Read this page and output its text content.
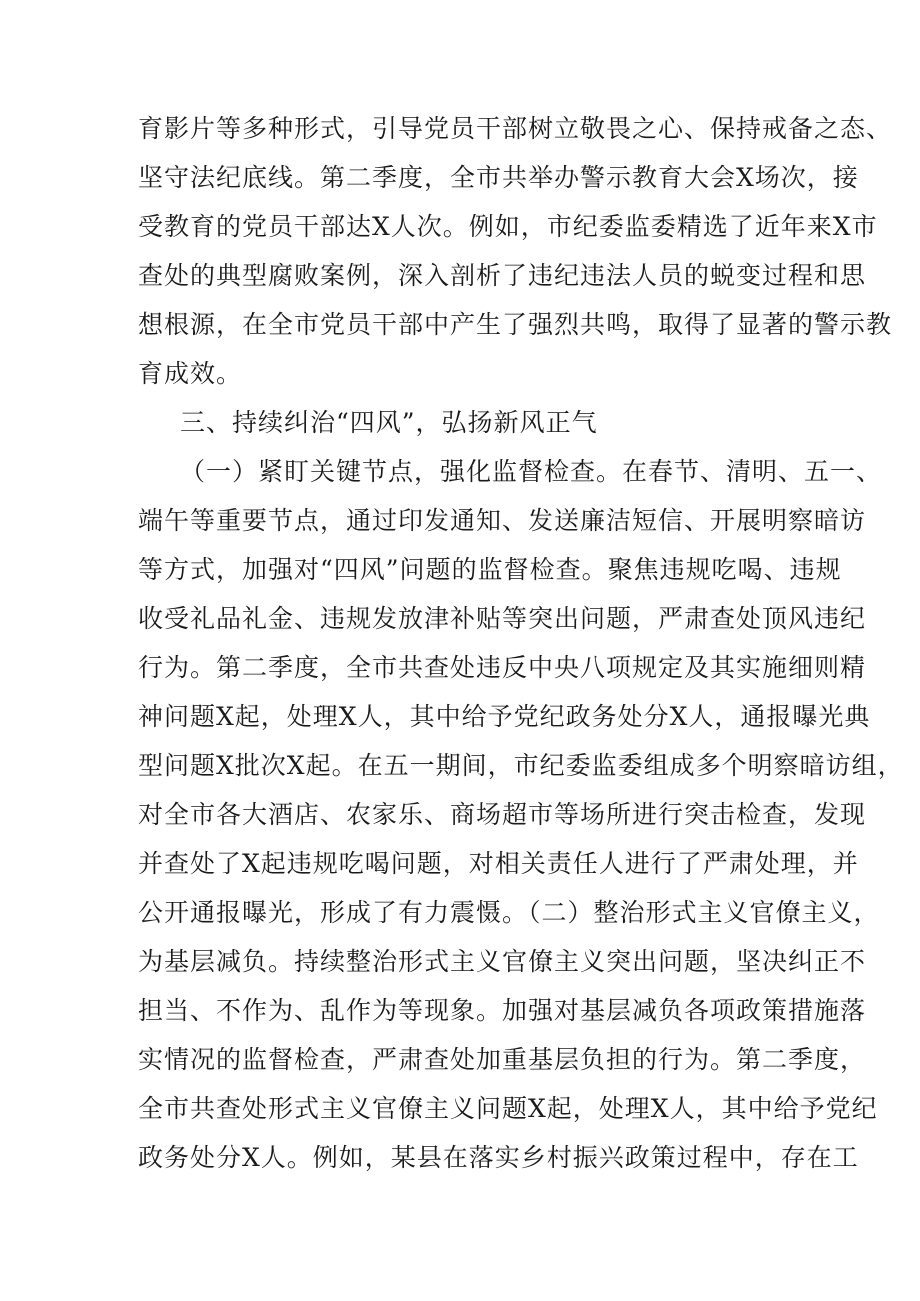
育影片等多种形式，引导党员干部树立敬畏之心、保持戒备之态、
坚守法纪底线。第二季度，全市共举办警示教育大会X场次，接
受教育的党员干部达X人次。例如，市纪委监委精选了近年来X市
查处的典型腐败案例，深入剖析了违纪违法人员的蜕变过程和思
想根源，在全市党员干部中产生了强烈共鸣，取得了显著的警示教
育成效。
三、持续纠治“四风”，弘扬新风正气
（一）紧盯关键节点，强化监督检查。在春节、清明、五一、
端午等重要节点，通过印发通知、发送廉洁短信、开展明察暗访
等方式，加强对“四风”问题的监督检查。聚焦违规吃喝、违规
收受礼品礼金、违规发放津补贴等突出问题，严肃查处顶风违纪
行为。第二季度，全市共查处违反中央八项规定及其实施细则精
神问题X起，处理X人，其中给予党纪政务处分X人，通报曝光典
型问题X批次X起。在五一期间，市纪委监委组成多个明察暗访组，
对全市各大酒店、农家乐、商场超市等场所进行突击检查，发现
并查处了X起违规吃喝问题，对相关责任人进行了严肃处理，并
公开通报曝光，形成了有力震慑。（二）整治形式主义官僚主义，
为基层减负。持续整治形式主义官僚主义突出问题，坚决纠正不
担当、不作为、乱作为等现象。加强对基层减负各项政策措施落
实情况的监督检查，严肃查处加重基层负担的行为。第二季度，
全市共查处形式主义官僚主义问题X起，处理X人，其中给予党纪
政务处分X人。例如，某县在落实乡村振兴政策过程中，存在工
